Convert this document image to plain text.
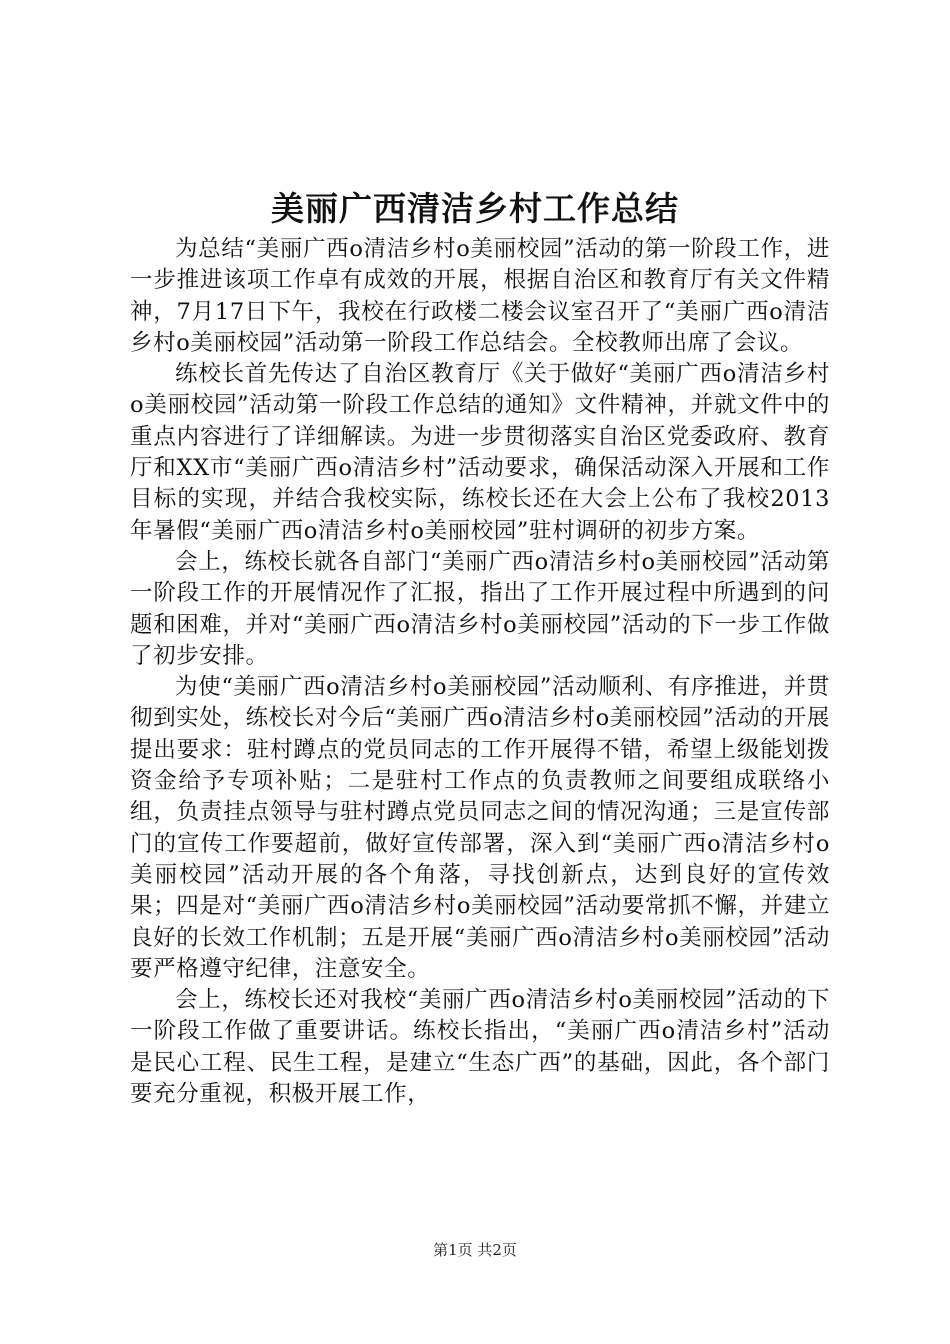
美丽广西清洁乡村工作总结

为总结“美丽广西o清洁乡村o美丽校园”活动的第一阶段工作，进一步推进该项工作卓有成效的开展，根据自治区和教育厅有关文件精神，7月17日下午，我校在行政楼二楼会议室召开了“美丽广西o清洁乡村o美丽校园”活动第一阶段工作总结会。全校教师出席了会议。

练校长首先传达了自治区教育厅《关于做好“美丽广西o清洁乡村o美丽校园”活动第一阶段工作总结的通知》文件精神，并就文件中的重点内容进行了详细解读。为进一步贯彻落实自治区党委政府、教育厅和XX市“美丽广西o清洁乡村”活动要求，确保活动深入开展和工作目标的实现，并结合我校实际，练校长还在大会上公布了我校2013年暑假“美丽广西o清洁乡村o美丽校园”驻村调研的初步方案。

会上，练校长就各自部门“美丽广西o清洁乡村o美丽校园”活动第一阶段工作的开展情况作了汇报，指出了工作开展过程中所遇到的问题和困难，并对“美丽广西o清洁乡村o美丽校园”活动的下一步工作做了初步安排。

为使“美丽广西o清洁乡村o美丽校园”活动顺利、有序推进，并贯彻到实处，练校长对今后“美丽广西o清洁乡村o美丽校园”活动的开展提出要求：驻村蹲点的党员同志的工作开展得不错，希望上级能划拨资金给予专项补贴；二是驻村工作点的负责教师之间要组成联络小组，负责挂点领导与驻村蹲点党员同志之间的情况沟通；三是宣传部门的宣传工作要超前，做好宣传部署，深入到“美丽广西o清洁乡村o美丽校园”活动开展的各个角落，寻找创新点，达到良好的宣传效果；四是对“美丽广西o清洁乡村o美丽校园”活动要常抓不懈，并建立良好的长效工作机制；五是开展“美丽广西o清洁乡村o美丽校园”活动要严格遵守纪律，注意安全。

会上，练校长还对我校“美丽广西o清洁乡村o美丽校园”活动的下一阶段工作做了重要讲话。练校长指出，“美丽广西o清洁乡村”活动是民心工程、民生工程，是建立“生态广西”的基础，因此，各个部门要充分重视，积极开展工作，

第1页 共2页
